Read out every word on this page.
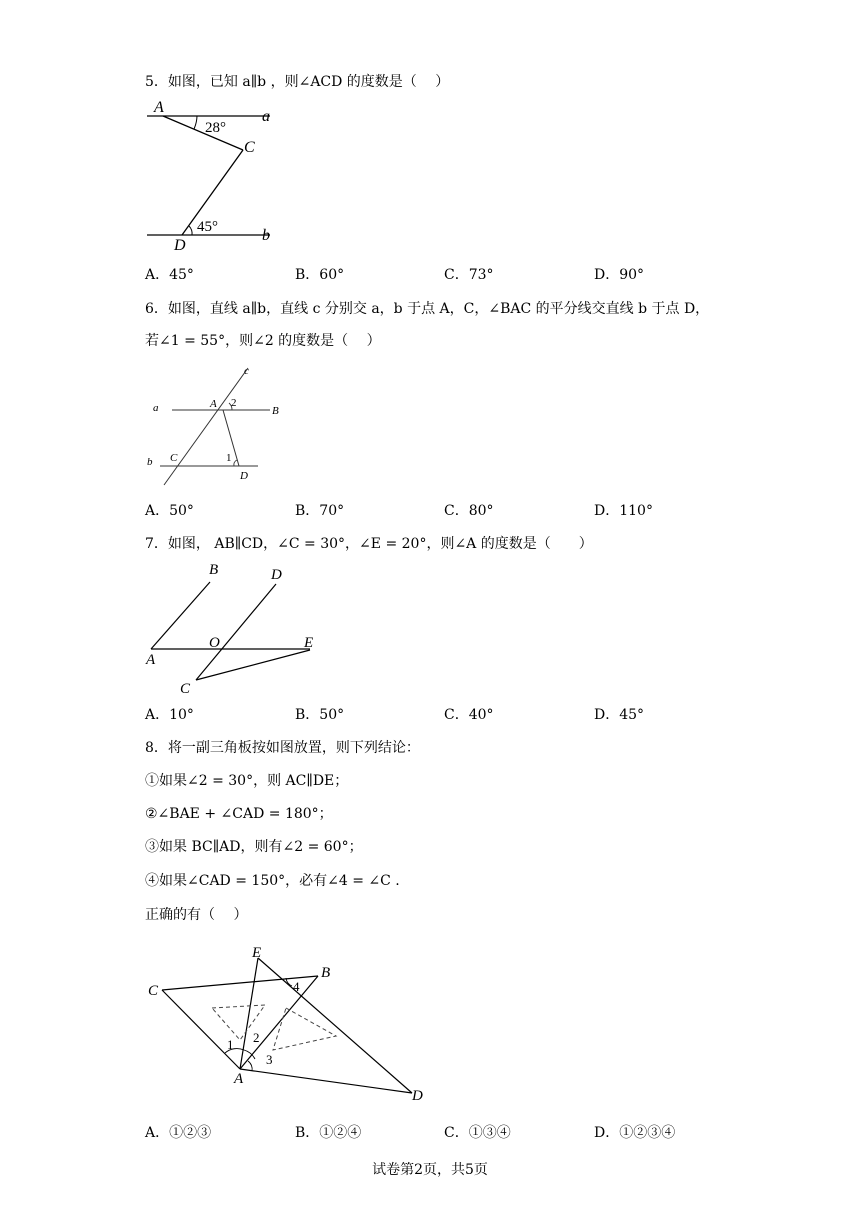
5．如图，已知 a∥b ，则∠ACD 的度数是（　 ）
A
a
28°
C
45°
D
b
A．45°	B．60°	C．73°	D．90°
6．如图，直线 a∥b，直线 c 分别交 a，b 于点 A，C，∠BAC 的平分线交直线 b 于点 D，
若∠1 = 55°，则∠2 的度数是（　 ）
c
a	A 2
B
b C	1
D
A．50°	B．70°	C．80°	D．110°
7．如图， AB∥CD，∠C = 30°，∠E = 20°，则∠A 的度数是（　　）
B	D
A
O	E
C
A．10°	B．50°	C．40°	D．45°
8．将一副三角板按如图放置，则下列结论：
①如果∠2 = 30°，则 AC∥DE；
②∠BAE + ∠CAD = 180°；
③如果 BC∥AD，则有∠2 = 60°；
④如果∠CAD = 150°，必有∠4 = ∠C .
正确的有（　 ）
E
B
4
C
2
1
3
A
D
A．①②③	B．①②④	C．①③④	D．①②③④
试卷第2页，共5页
